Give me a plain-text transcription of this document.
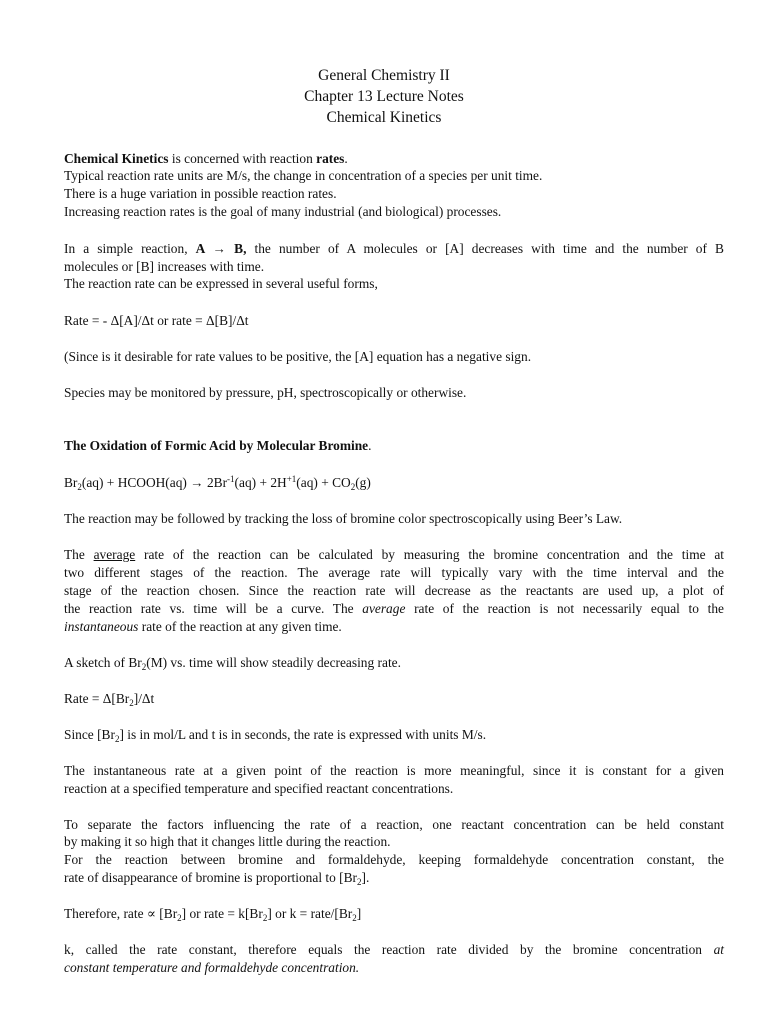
General Chemistry II
Chapter 13 Lecture Notes
Chemical Kinetics
Chemical Kinetics is concerned with reaction rates.
Typical reaction rate units are M/s, the change in concentration of a species per unit time.
There is a huge variation in possible reaction rates.
Increasing reaction rates is the goal of many industrial (and biological) processes.
In a simple reaction, A → B, the number of A molecules or [A] decreases with time and the number of B
molecules or [B] increases with time.
The reaction rate can be expressed in several useful forms,
Rate = - Δ[A]/Δt or rate = Δ[B]/Δt
(Since is it desirable for rate values to be positive, the [A] equation has a negative sign.
Species may be monitored by pressure, pH, spectroscopically or otherwise.
The Oxidation of Formic Acid by Molecular Bromine.
$Br_2(aq)$ + HCOOH(aq) → $2Br^{-1}(aq) + 2H^{+1}(aq) + CO_2(g)$
The reaction may be followed by tracking the loss of bromine color spectroscopically using Beer’s Law.
The average rate of the reaction can be calculated by measuring the bromine concentration and the time at
two different stages of the reaction. The average rate will typically vary with the time interval and the
stage of the reaction chosen. Since the reaction rate will decrease as the reactants are used up, a plot of
the reaction rate vs. time will be a curve. The average rate of the reaction is not necessarily equal to the
instantaneous rate of the reaction at any given time.
A sketch of $Br_2(M)$ vs. time will show steadily decreasing rate.
Rate = $\Delta[Br_2]/\Delta t$
Since $[Br_2]$ is in mol/L and t is in seconds, the rate is expressed with units M/s.
The instantaneous rate at a given point of the reaction is more meaningful, since it is constant for a given
reaction at a specified temperature and specified reactant concentrations.
To separate the factors influencing the rate of a reaction, one reactant concentration can be held constant
by making it so high that it changes little during the reaction.
For the reaction between bromine and formaldehyde, keeping formaldehyde concentration constant, the
rate of disappearance of bromine is proportional to $[Br_2]$.
Therefore, rate ∝ $[Br_2]$ or rate = $k[Br_2]$ or k = rate/$[Br_2]$
k, called the rate constant, therefore equals the reaction rate divided by the bromine concentration at
constant temperature and formaldehyde concentration.
